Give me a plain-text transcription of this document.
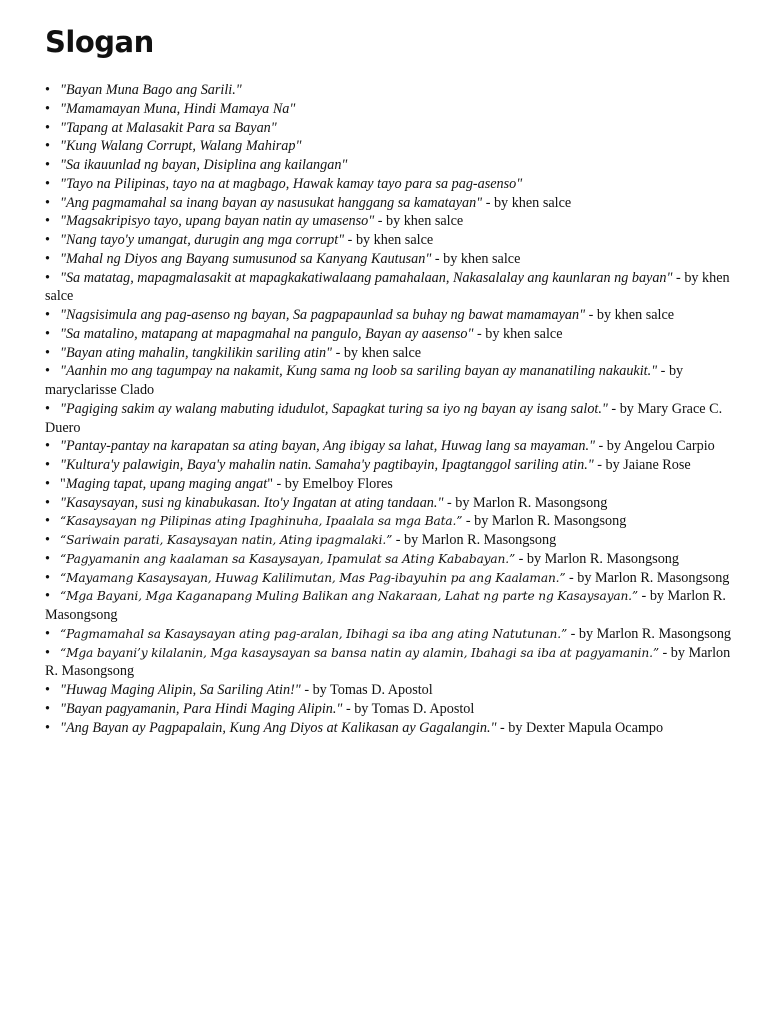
Slogan
• "Bayan Muna Bago ang Sarili."
• "Mamamayan Muna, Hindi Mamaya Na"
• "Tapang at Malasakit Para sa Bayan"
• "Kung Walang Corrupt, Walang Mahirap"
• "Sa ikauunlad ng bayan, Disiplina ang kailangan"
• "Tayo na Pilipinas, tayo na at magbago, Hawak kamay tayo para sa pag-asenso"
• "Ang pagmamahal sa inang bayan ay nasusukat hanggang sa kamatayan" - by khen salce
• "Magsakripisyo tayo, upang bayan natin ay umasenso" - by khen salce
• "Nang tayo'y umangat, durugin ang mga corrupt" - by khen salce
• "Mahal ng Diyos ang Bayang sumusunod sa Kanyang Kautusan" - by khen salce
• "Sa matatag, mapagmalasakit at mapagkakatiwalaang pamahalaan, Nakasalalay ang kaunlaran ng bayan" - by khen salce
• "Nagsisimula ang pag-asenso ng bayan, Sa pagpapaunlad sa buhay ng bawat mamamayan" - by khen salce
• "Sa matalino, matapang at mapagmahal na pangulo, Bayan ay aasenso" - by khen salce
• "Bayan ating mahalin, tangkilikin sariling atin" - by khen salce
• "Aanhin mo ang tagumpay na nakamit, Kung sama ng loob sa sariling bayan ay mananatiling nakaukit." - by maryclarisse Clado
• "Pagiging sakim ay walang mabuting idudulot, Sapagkat turing sa iyo ng bayan ay isang salot." - by Mary Grace C. Duero
• "Pantay-pantay na karapatan sa ating bayan, Ang ibigay sa lahat, Huwag lang sa mayaman." - by Angelou Carpio
• "Kultura'y palawigin, Baya'y mahalin natin. Samaha'y pagtibayin, Ipagtanggol sariling atin." - by Jaiane Rose
• "Maging tapat, upang maging angat" - by Emelboy Flores
• "Kasaysayan, susi ng kinabukasan. Ito'y Ingatan at ating tandaan." - by Marlon R. Masongsong
• “Kasaysayan ng Pilipinas ating Ipaghinuha, Ipaalala sa mga Bata.” - by Marlon R. Masongsong
• “Sariwain parati, Kasaysayan natin, Ating ipagmalaki.” - by Marlon R. Masongsong
• “Pagyamanin ang kaalaman sa Kasaysayan, Ipamulat sa Ating Kababayan.” - by Marlon R. Masongsong
• “Mayamang Kasaysayan, Huwag Kalilimutan, Mas Pag-ibayuhin pa ang Kaalaman.” - by Marlon R. Masongsong
• “Mga Bayani, Mga Kaganapang Muling Balikan ang Nakaraan, Lahat ng parte ng Kasaysayan.” - by Marlon R. Masongsong
• “Pagmamahal sa Kasaysayan ating pag-aralan, Ibihagi sa iba ang ating Natutunan.” - by Marlon R. Masongsong
• “Mga bayani’y kilalanin, Mga kasaysayan sa bansa natin ay alamin, Ibahagi sa iba at pagyamanin.” - by Marlon R. Masongsong
• "Huwag Maging Alipin, Sa Sariling Atin!" - by Tomas D. Apostol
• "Bayan pagyamanin, Para Hindi Maging Alipin." - by Tomas D. Apostol
• "Ang Bayan ay Pagpapalain, Kung Ang Diyos at Kalikasan ay Gagalangin." - by Dexter Mapula Ocampo
